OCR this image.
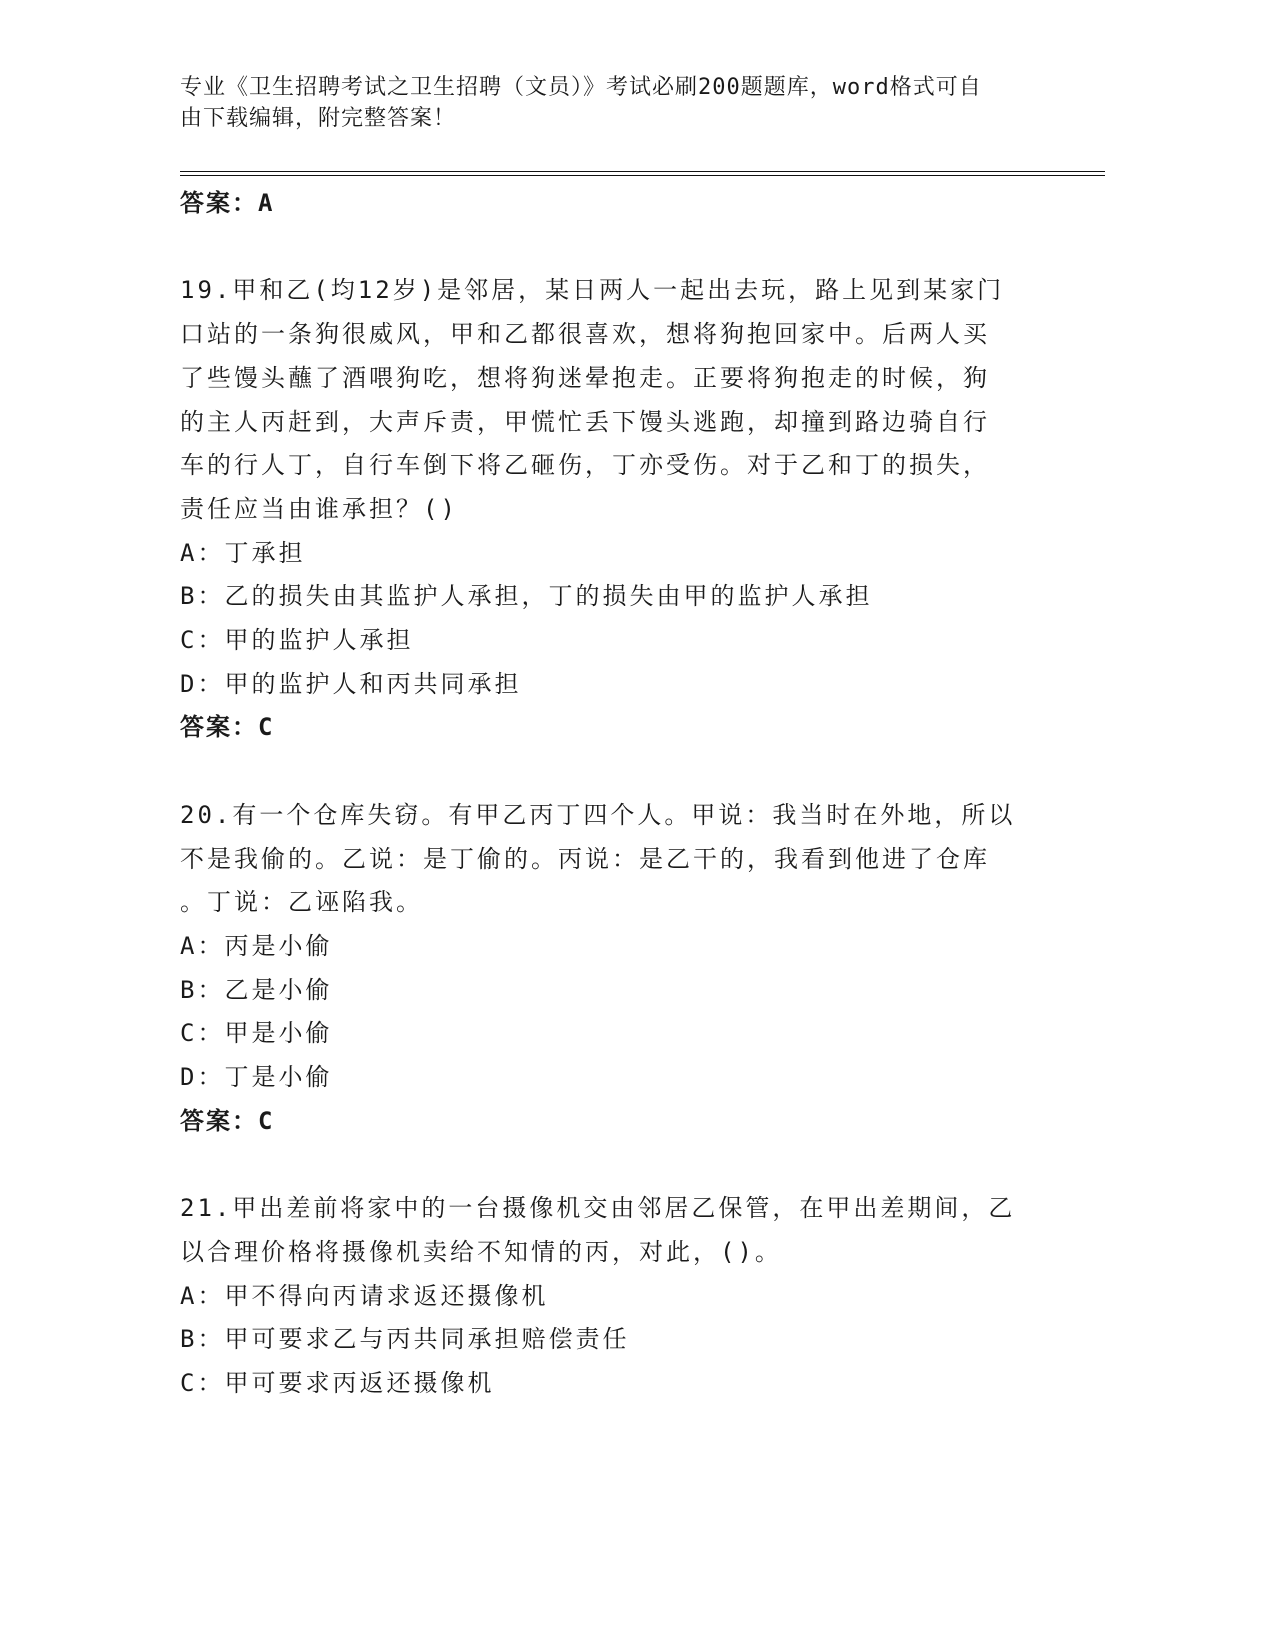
专业《卫生招聘考试之卫生招聘（文员）》考试必刷200题题库，word格式可自
由下载编辑，附完整答案！

答案：A

19.甲和乙(均12岁)是邻居，某日两人一起出去玩，路上见到某家门

口站的一条狗很威风，甲和乙都很喜欢，想将狗抱回家中。后两人买

了些馒头蘸了酒喂狗吃，想将狗迷晕抱走。正要将狗抱走的时候，狗

的主人丙赶到，大声斥责，甲慌忙丢下馒头逃跑，却撞到路边骑自行

车的行人丁，自行车倒下将乙砸伤，丁亦受伤。对于乙和丁的损失，

责任应当由谁承担？()

A：丁承担

B：乙的损失由其监护人承担，丁的损失由甲的监护人承担

C：甲的监护人承担

D：甲的监护人和丙共同承担

答案：C

20.有一个仓库失窃。有甲乙丙丁四个人。甲说：我当时在外地，所以

不是我偷的。乙说：是丁偷的。丙说：是乙干的，我看到他进了仓库

。丁说：乙诬陷我。

A：丙是小偷

B：乙是小偷

C：甲是小偷

D：丁是小偷

答案：C

21.甲出差前将家中的一台摄像机交由邻居乙保管，在甲出差期间，乙

以合理价格将摄像机卖给不知情的丙，对此，()。

A：甲不得向丙请求返还摄像机

B：甲可要求乙与丙共同承担赔偿责任

C：甲可要求丙返还摄像机
